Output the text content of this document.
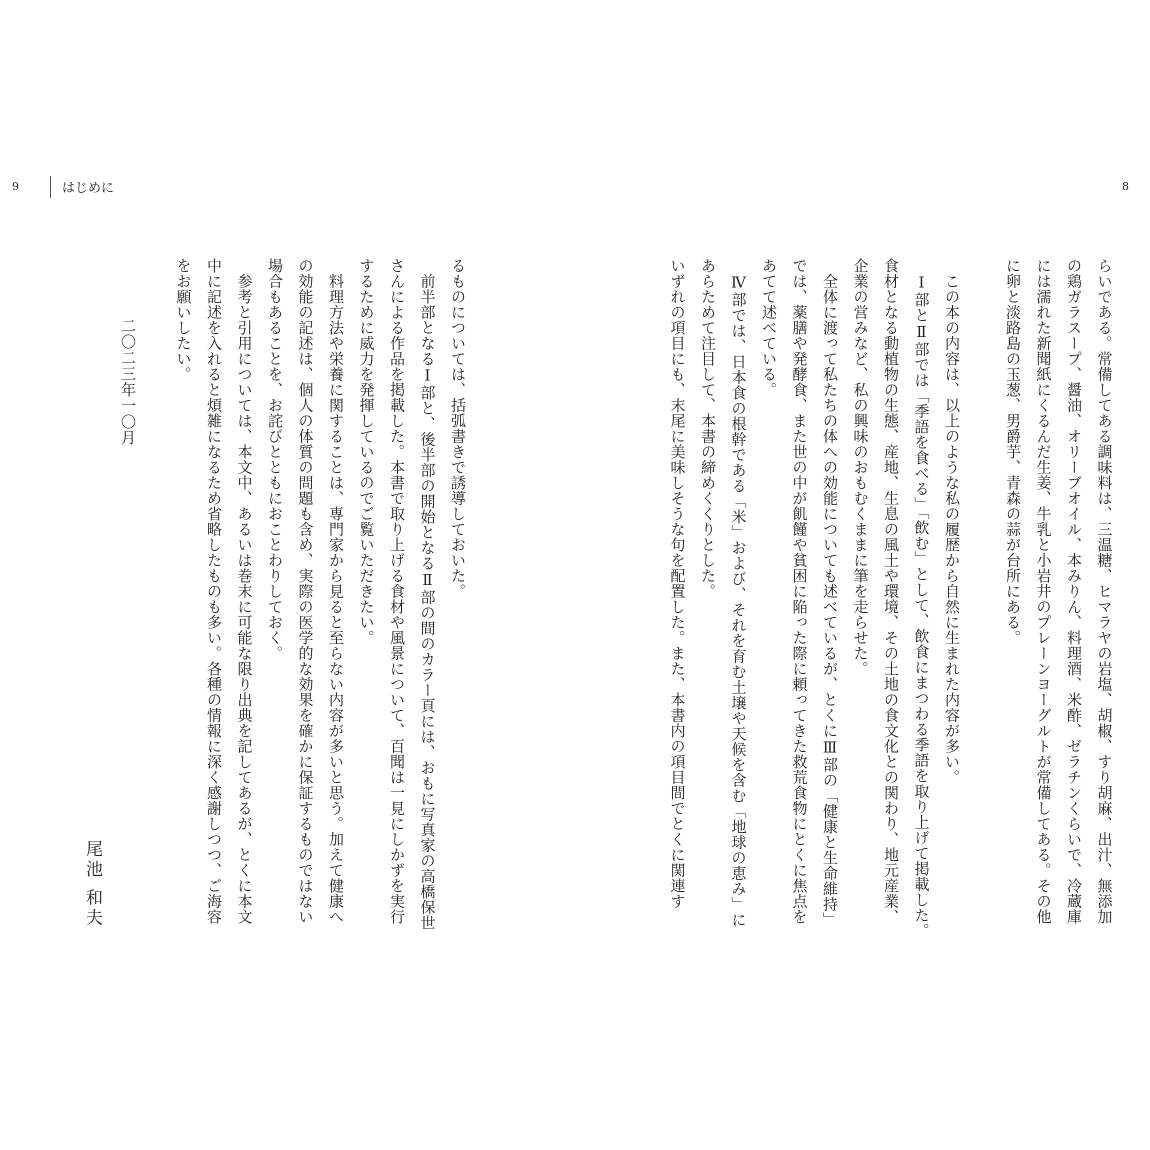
9	はじめに	8

らいである。常備してある調味料は、三温糖、ヒマラヤの岩塩、胡椒、すり胡麻、出汁、無添加
の鶏ガラスープ、醤油、オリーブオイル、本みりん、料理酒、米酢、ゼラチンくらいで、冷蔵庫
には濡れた新聞紙にくるんだ生姜、牛乳と小岩井のプレーンヨーグルトが常備してある。その他
に卵と淡路島の玉葱、男爵芋、青森の蒜が台所にある。

　この本の内容は、以上のような私の履歴から自然に生まれた内容が多い。
　Ⅰ部とⅡ部では「季語を食べる」「飲む」として、飲食にまつわる季語を取り上げて掲載した。
食材となる動植物の生態、産地、生息の風土や環境、その土地の食文化との関わり、地元産業、
企業の営みなど、私の興味のおもむくままに筆を走らせた。
　全体に渡って私たちの体への効能についても述べているが、とくにⅢ部の「健康と生命維持」
では、薬膳や発酵食、また世の中が飢饉や貧困に陥った際に頼ってきた救荒食物にとくに焦点を
あてて述べている。
　Ⅳ部では、日本食の根幹である「米」および、それを育む土壌や天候を含む「地球の恵み」に
あらためて注目して、本書の締めくくりとした。
いずれの項目にも、末尾に美味しそうな句を配置した。また、本書内の項目間でとくに関連す

るものについては、括弧書きで誘導しておいた。
　前半部となるⅠ部と、後半部の開始となるⅡ部の間のカラー頁には、おもに写真家の高橋保世
さんによる作品を掲載した。本書で取り上げる食材や風景について、百聞は一見にしかずを実行
するために威力を発揮しているのでご覧いただきたい。
　料理方法や栄養に関することは、専門家から見ると至らない内容が多いと思う。加えて健康へ
の効能の記述は、個人の体質の問題も含め、実際の医学的な効果を確かに保証するものではない
場合もあることを、お詫びとともにおことわりしておく。
　参考と引用については、本文中、あるいは巻末に可能な限り出典を記してあるが、とくに本文
中に記述を入れると煩雑になるため省略したものも多い。各種の情報に深く感謝しつつ、ご海容
をお願いしたい。

二〇二三年一〇月
尾池 和夫
